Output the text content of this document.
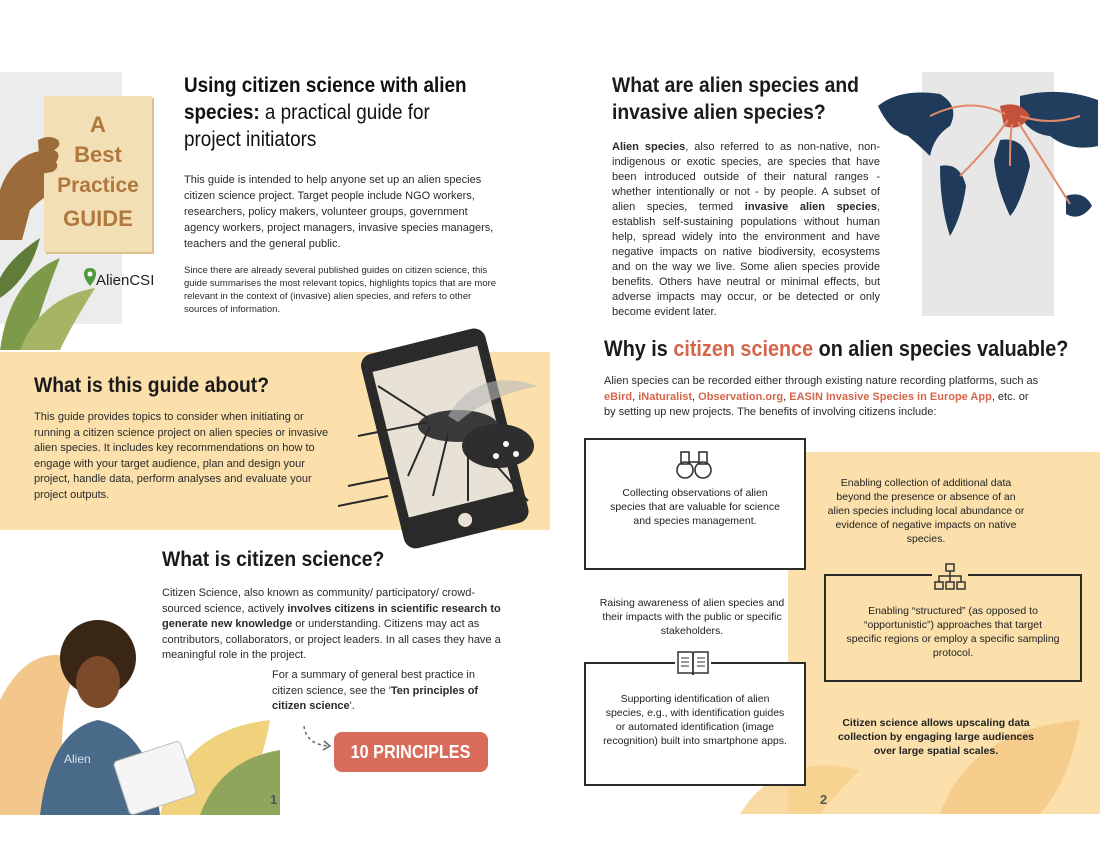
A
Best
Practice
GUIDE
AlienCSI
Using citizen science with alien species: a practical guide for project initiators

This guide is intended to help anyone set up an alien species citizen science project. Target people include NGO workers, researchers, policy makers, volunteer groups, government agency workers, project managers, invasive species managers, teachers and the general public.

Since there are already several published guides on citizen science, this guide summarises the most relevant topics, highlights topics that are more relevant in the context of (invasive) alien species, and refers to other sources of information.

What is this guide about?

This guide provides topics to consider when initiating or running a citizen science project on alien species or invasive alien species. It includes key recommendations on how to engage with your target audience, plan and design your project, handle data, perform analyses and evaluate your project outputs.

What is citizen science?

Citizen Science, also known as community/ participatory/ crowd-sourced science, actively involves citizens in scientific research to generate new knowledge or understanding. Citizens may act as contributors, collaborators, or project leaders. In all cases they have a meaningful role in the project.

Alien

For a summary of general best practice in citizen science, see the 'Ten principles of citizen science'.

10 PRINCIPLES
1
What are alien species and invasive alien species?

Alien species, also referred to as non-native, non-indigenous or exotic species, are species that have been introduced outside of their natural ranges - whether intentionally or not - by people. A subset of alien species, termed invasive alien species, establish self-sustaining populations without human help, spread widely into the environment and have negative impacts on native biodiversity, ecosystems and on the way we live. Some alien species provide benefits. Others have neutral or minimal effects, but adverse impacts may occur, or be detected or only become evident later.

Why is citizen science on alien species valuable?

Alien species can be recorded either through existing nature recording platforms, such as eBird, iNaturalist, Observation.org, EASIN Invasive Species in Europe App, etc. or by setting up new projects. The benefits of involving citizens include:

Collecting observations of alien species that are valuable for science and species management.
Enabling collection of additional data beyond the presence or absence of an alien species including local abundance or evidence of negative impacts on native species.
Raising awareness of alien species and their impacts with the public or specific stakeholders.
Enabling “structured” (as opposed to “opportunistic”) approaches that target specific regions or employ a specific sampling protocol.
Supporting identification of alien species, e.g., with identification guides or automated identification (image recognition) built into smartphone apps.
Citizen science allows upscaling data collection by engaging large audiences over large spatial scales.
2
